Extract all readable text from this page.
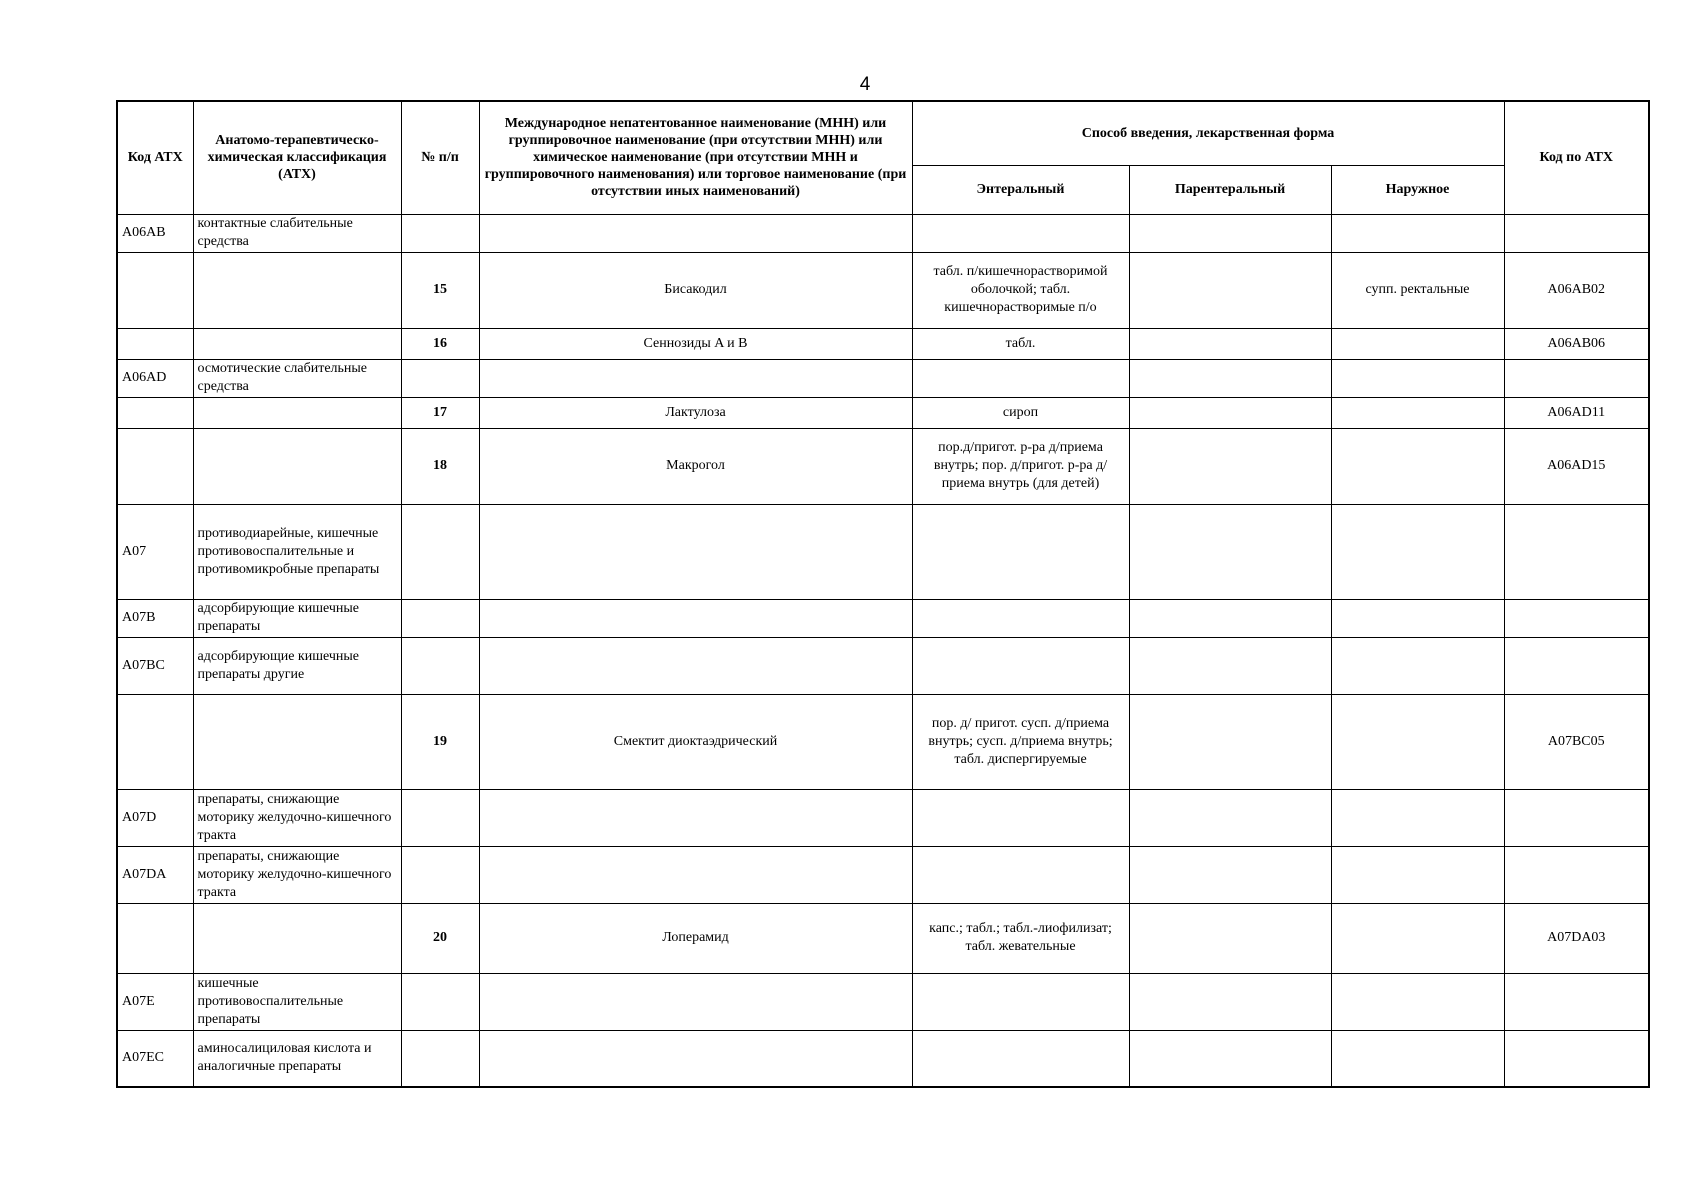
4
Код АТХ	Анатомо-терапевтическо-химическая классификация (АТХ)	№ п/п	Международное непатентованное наименование (МНН) или группировочное наименование (при отсутствии МНН) или химическое наименование (при отсутствии МНН и группировочного наименования) или торговое наименование (при отсутствии иных наименований)	Способ введения, лекарственная форма			Код по АТХ
				Энтеральный	Парентеральный	Наружное	
A06AB	контактные слабительные средства						
		15	Бисакодил	табл. п/кишечнорастворимой оболочкой; табл. кишечнорастворимые п/о		супп. ректальные	A06AB02
		16	Сеннозиды A и B	табл.			A06AB06
A06AD	осмотические слабительные средства						
		17	Лактулоза	сироп			A06AD11
		18	Макрогол	пор.д/пригот. р-ра д/приема внутрь; пор. д/пригот. р-ра д/приема внутрь (для детей)			A06AD15
A07	противодиарейные, кишечные противовоспалительные и противомикробные препараты						
A07B	адсорбирующие кишечные препараты						
A07BC	адсорбирующие кишечные препараты другие						
		19	Смектит диоктаэдрический	пор. д/ пригот. сусп. д/приема внутрь; сусп. д/приема внутрь; табл. диспергируемые			A07BC05
A07D	препараты, снижающие моторику желудочно-кишечного тракта						
A07DA	препараты, снижающие моторику желудочно-кишечного тракта						
		20	Лоперамид	капс.; табл.; табл.-лиофилизат; табл. жевательные			A07DA03
A07E	кишечные противовоспалительные препараты						
A07EC	аминосалициловая кислота и аналогичные препараты						
